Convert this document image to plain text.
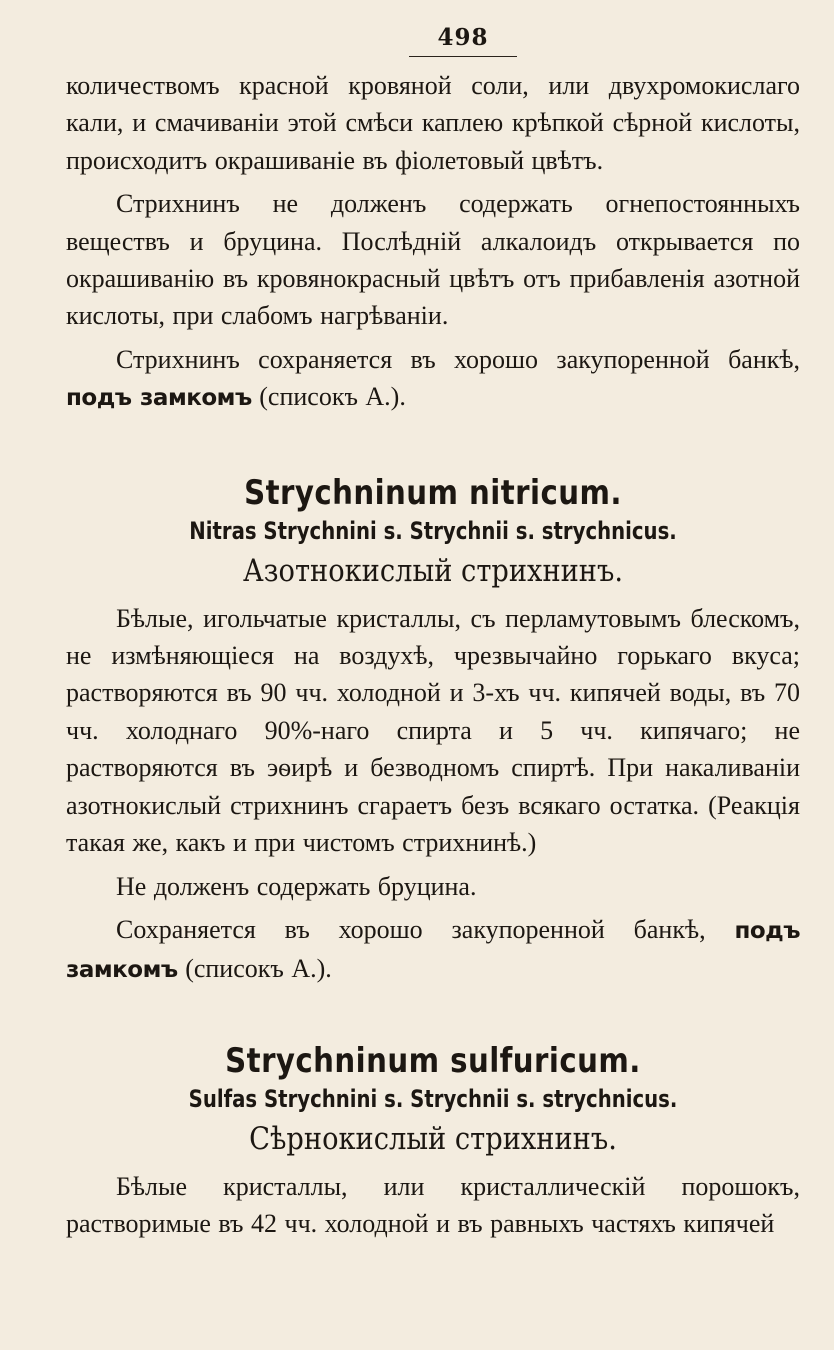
498

количествомъ красной кровяной соли, или двухромокислаго кали, и смачиваніи этой смѣси каплею крѣпкой сѣрной кислоты, происходитъ окрашиваніе въ фіолетовый цвѣтъ.

Стрихнинъ не долженъ содержать огнепостоянныхъ веществъ и бруцина. Послѣдній алкалоидъ открывается по окрашиванію въ кровянокрасный цвѣтъ отъ прибавленія азотной кислоты, при слабомъ нагрѣваніи.

Стрихнинъ сохраняется въ хорошо закупоренной банкѣ, подъ замкомъ (списокъ А.).

Strychninum nitricum.
Nitras Strychnini s. Strychnii s. strychnicus.
Азотнокислый стрихнинъ.

Бѣлые, игольчатые кристаллы, съ перламутовымъ блескомъ, не измѣняющіеся на воздухѣ, чрезвычайно горькаго вкуса; растворяются въ 90 чч. холодной и 3-хъ чч. кипячей воды, въ 70 чч. холоднаго 90%-наго спирта и 5 чч. кипячаго; не растворяются въ эѳирѣ и безводномъ спиртѣ. При накаливаніи азотнокислый стрихнинъ сгараетъ безъ всякаго остатка. (Реакція такая же, какъ и при чистомъ стрихнинѣ.)

Не долженъ содержать бруцина.

Сохраняется въ хорошо закупоренной банкѣ, подъ замкомъ (списокъ А.).

Strychninum sulfuricum.
Sulfas Strychnini s. Strychnii s. strychnicus.
Сѣрнокислый стрихнинъ.

Бѣлые кристаллы, или кристаллическій порошокъ, растворимые въ 42 чч. холодной и въ равныхъ частяхъ кипячей
